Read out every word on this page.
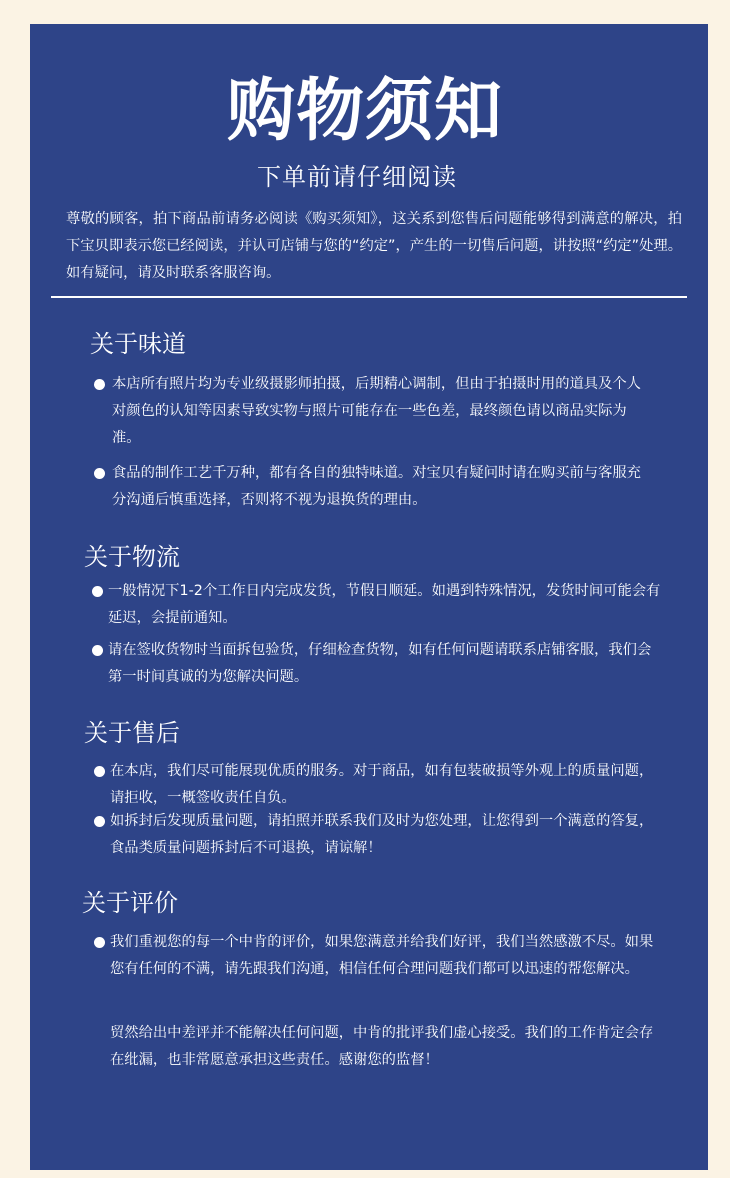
购物须知
下单前请仔细阅读
尊敬的顾客，拍下商品前请务必阅读《购买须知》，这关系到您售后问题能够得到满意的解决，拍下宝贝即表示您已经阅读，并认可店铺与您的“约定”，产生的一切售后问题，讲按照“约定”处理。如有疑问，请及时联系客服咨询。
关于味道
本店所有照片均为专业级摄影师拍摄，后期精心调制，但由于拍摄时用的道具及个人对颜色的认知等因素导致实物与照片可能存在一些色差，最终颜色请以商品实际为准。
食品的制作工艺千万种，都有各自的独特味道。对宝贝有疑问时请在购买前与客服充分沟通后慎重选择，否则将不视为退换货的理由。
关于物流
一般情况下1-2个工作日内完成发货，节假日顺延。如遇到特殊情况，发货时间可能会有延迟，会提前通知。
请在签收货物时当面拆包验货，仔细检查货物，如有任何问题请联系店铺客服，我们会第一时间真诚的为您解决问题。
关于售后
在本店，我们尽可能展现优质的服务。对于商品，如有包装破损等外观上的质量问题，请拒收，一概签收责任自负。
如拆封后发现质量问题，请拍照并联系我们及时为您处理，让您得到一个满意的答复，食品类质量问题拆封后不可退换，请谅解！
关于评价
我们重视您的每一个中肯的评价，如果您满意并给我们好评，我们当然感激不尽。如果您有任何的不满，请先跟我们沟通，相信任何合理问题我们都可以迅速的帮您解决。
贸然给出中差评并不能解决任何问题，中肯的批评我们虚心接受。我们的工作肯定会存在纰漏，也非常愿意承担这些责任。感谢您的监督！
